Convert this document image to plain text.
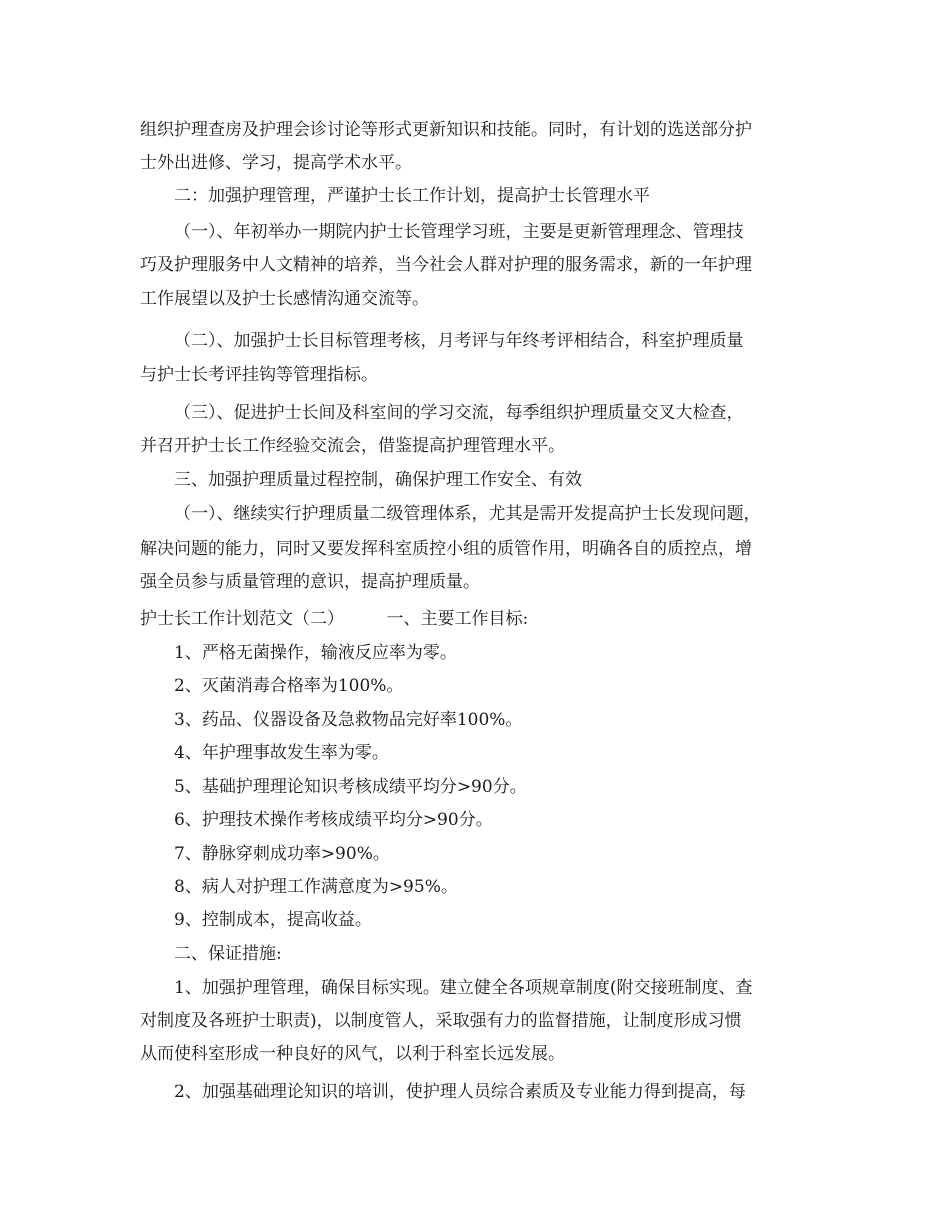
组织护理查房及护理会诊讨论等形式更新知识和技能。同时，有计划的选送部分护
士外出进修、学习，提高学术水平。
二：加强护理管理，严谨护士长工作计划，提高护士长管理水平
（一）、年初举办一期院内护士长管理学习班，主要是更新管理理念、管理技
巧及护理服务中人文精神的培养，当今社会人群对护理的服务需求，新的一年护理
工作展望以及护士长感情沟通交流等。
（二）、加强护士长目标管理考核，月考评与年终考评相结合，科室护理质量
与护士长考评挂钩等管理指标。
（三）、促进护士长间及科室间的学习交流，每季组织护理质量交叉大检查，
并召开护士长工作经验交流会，借鉴提高护理管理水平。
三、加强护理质量过程控制，确保护理工作安全、有效
（一）、继续实行护理质量二级管理体系，尤其是需开发提高护士长发现问题，
解决问题的能力，同时又要发挥科室质控小组的质管作用，明确各自的质控点，增
强全员参与质量管理的意识，提高护理质量。
护士长工作计划范文（二）　　　一、主要工作目标:
1、严格无菌操作，输液反应率为零。
2、灭菌消毒合格率为100%。
3、药品、仪器设备及急救物品完好率100%。
4、年护理事故发生率为零。
5、基础护理理论知识考核成绩平均分>90分。
6、护理技术操作考核成绩平均分>90分。
7、静脉穿刺成功率>90%。
8、病人对护理工作满意度为>95%。
9、控制成本，提高收益。
二、保证措施:
1、加强护理管理，确保目标实现。建立健全各项规章制度(附交接班制度、查
对制度及各班护士职责)，以制度管人，采取强有力的监督措施，让制度形成习惯
从而使科室形成一种良好的风气，以利于科室长远发展。
2、加强基础理论知识的培训，使护理人员综合素质及专业能力得到提高，每
